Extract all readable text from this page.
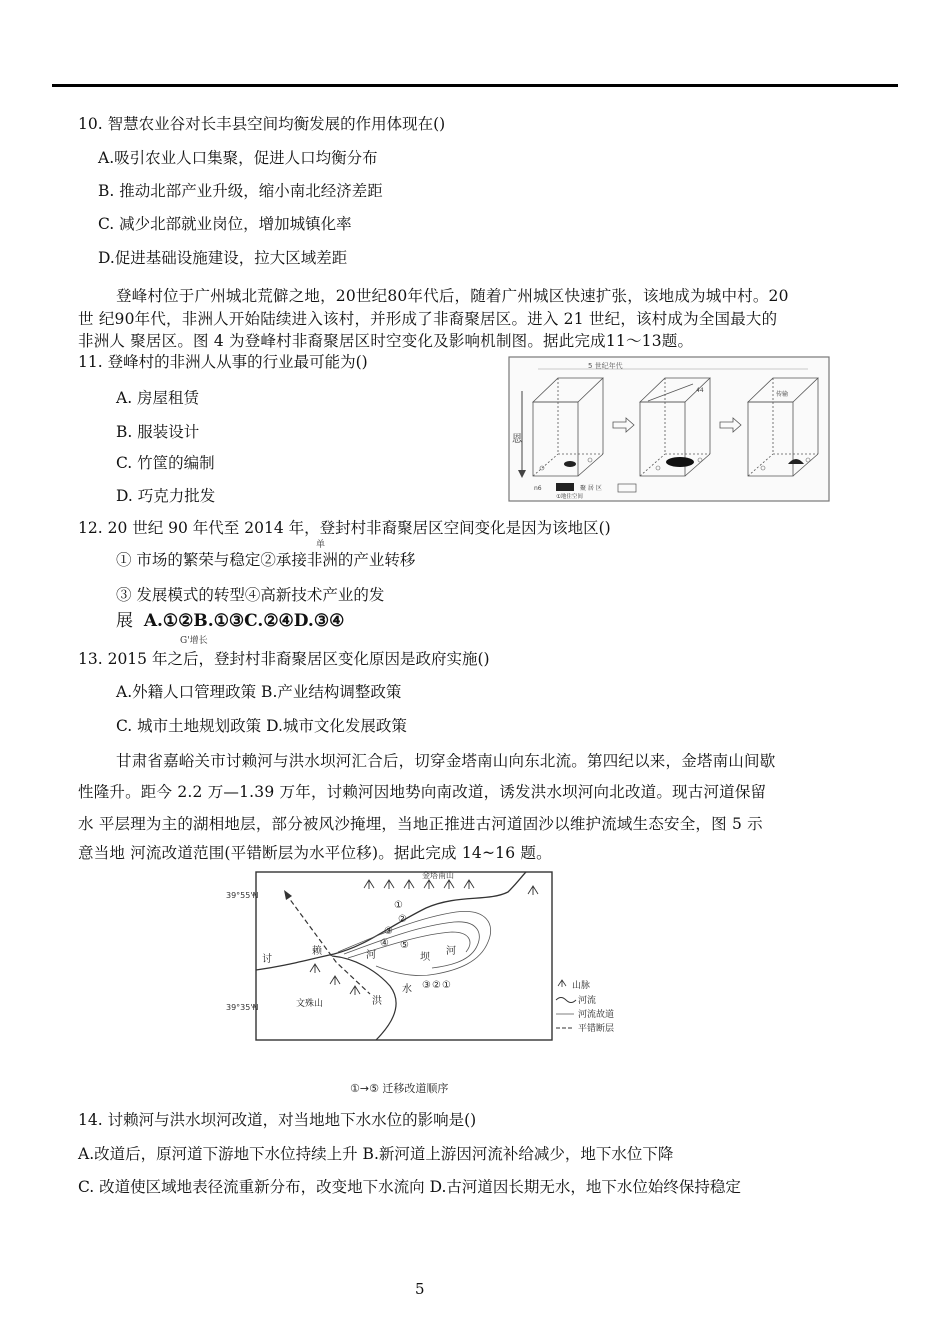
10. 智慧农业谷对长丰县空间均衡发展的作用体现在()
A.吸引农业人口集聚，促进人口均衡分布
B. 推动北部产业升级，缩小南北经济差距
C. 减少北部就业岗位，增加城镇化率
D.促进基础设施建设，拉大区域差距
登峰村位于广州城北荒僻之地，20世纪80年代后，随着广州城区快速扩张，该地成为城中村。20
世 纪90年代，非洲人开始陆续进入该村，并形成了非裔聚居区。进入 21 世纪，该村成为全国最大的
非洲人 聚居区。图 4 为登峰村非裔聚居区时空变化及影响机制图。据此完成11～13题。
11. 登峰村的非洲人从事的行业最可能为()
A. 房屋租赁
B. 服装设计
C. 竹筐的编制
D. 巧克力批发
5 世纪年代
恩
44
传输
n6	聚 居 区
①地住空间
12. 20 世纪 90 年代至 2014 年，登封村非裔聚居区空间变化是因为该地区()
单
① 市场的繁荣与稳定②承接非洲的产业转移
③ 发展模式的转型④高新技术产业的发
展 A.①②B.①③C.②④D.③④
G'增长
13. 2015 年之后，登封村非裔聚居区变化原因是政府实施()
A.外籍人口管理政策 B.产业结构调整政策
C. 城市土地规划政策 D.城市文化发展政策
甘肃省嘉峪关市讨赖河与洪水坝河汇合后，切穿金塔南山向东北流。第四纪以来，金塔南山间歇
性隆升。距今 2.2 万—1.39 万年，讨赖河因地势向南改道，诱发洪水坝河向北改道。现古河道保留
水 平层理为主的湖相地层，部分被风沙掩埋，当地正推进古河道固沙以维护流域生态安全，图 5 示
意当地 河流改道范围(平错断层为水平位移)。据此完成 14~16 题。
39°55'N
39°35'N
金塔南山
①
②
③
④ ⑤
③ ② ①
讨
赖	河
水
洪
坝
河
文殊山
山脉
河流
河流故道
平错断层
①→⑤ 迁移改道顺序
14. 讨赖河与洪水坝河改道，对当地地下水水位的影响是()
A.改道后，原河道下游地下水位持续上升 B.新河道上游因河流补给减少，地下水位下降
C. 改道使区域地表径流重新分布，改变地下水流向 D.古河道因长期无水，地下水位始终保持稳定
5
